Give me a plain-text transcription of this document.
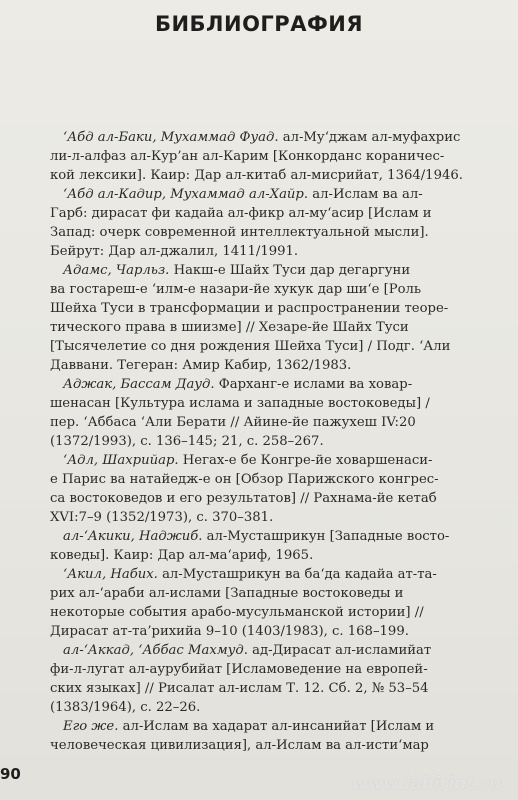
БИБЛИОГРАФИЯ
‘Абд ал-Баки, Мухаммад Фуад. ал-Му‘джам ал-муфахрис
ли-л-алфаз ал-Кур’ан ал-Карим [Конкорданс кораничес-
кой лексики]. Каир: Дар ал-китаб ал-мисрийат, 1364/1946.
‘Абд ал-Кадир, Мухаммад ал-Хайр. ал-Ислам ва ал-
Гарб: дирасат фи кадайа ал-фикр ал-му‘асир [Ислам и
Запад: очерк современной интеллектуальной мысли].
Бейрут: Дар ал-джалил, 1411/1991.
Адамс, Чарльз. Накш-е Шайх Туси дар дегаргуни
ва гостареш-е ‘илм-е назари-йе хукук дар ши‘е [Роль
Шейха Туси в трансформации и распространении теоре-
тического права в шиизме] // Хезаре-йе Шайх Туси
[Тысячелетие со дня рождения Шейха Туси] / Подг. ‘Али
Даввани. Тегеран: Амир Кабир, 1362/1983.
Аджак, Бассам Дауд. Фарханг-е ислами ва ховар-
шенасан [Культура ислама и западные востоковеды] /
пер. ‘Аббаса ‘Али Берати // Айине-йе пажухеш IV:20
(1372/1993), с. 136–145; 21, с. 258–267.
‘Адл, Шахрийар. Негах-е бе Конгре-йе ховаршенаси-
е Парис ва натайедж-е он [Обзор Парижского конгрес-
са востоковедов и его результатов] // Рахнама-йе кетаб
XVI:7–9 (1352/1973), с. 370–381.
ал-‘Акики, Наджиб. ал-Мусташрикун [Западные восто-
коведы]. Каир: Дар ал-ма‘ариф, 1965.
‘Акил, Набих. ал-Мусташрикун ва ба‘да кадайа ат-та-
рих ал-‘араби ал-ислами [Западные востоковеды и
некоторые события арабо-мусульманской истории] //
Дирасат ат-та’рихийа 9–10 (1403/1983), с. 168–199.
ал-‘Аккад, ‘Аббас Махмуд. ад-Дирасат ал-исламийат
фи-л-лугат ал-аурубийат [Исламоведение на европей-
ских языках] // Рисалат ал-ислам Т. 12. Сб. 2, № 53–54
(1383/1964), с. 22–26.
Его же. ал-Ислам ва хадарат ал-инсанийат [Ислам и
человеческая цивилизация], ал-Ислам ва ал-исти‘мар
90	www.labirint.ru
